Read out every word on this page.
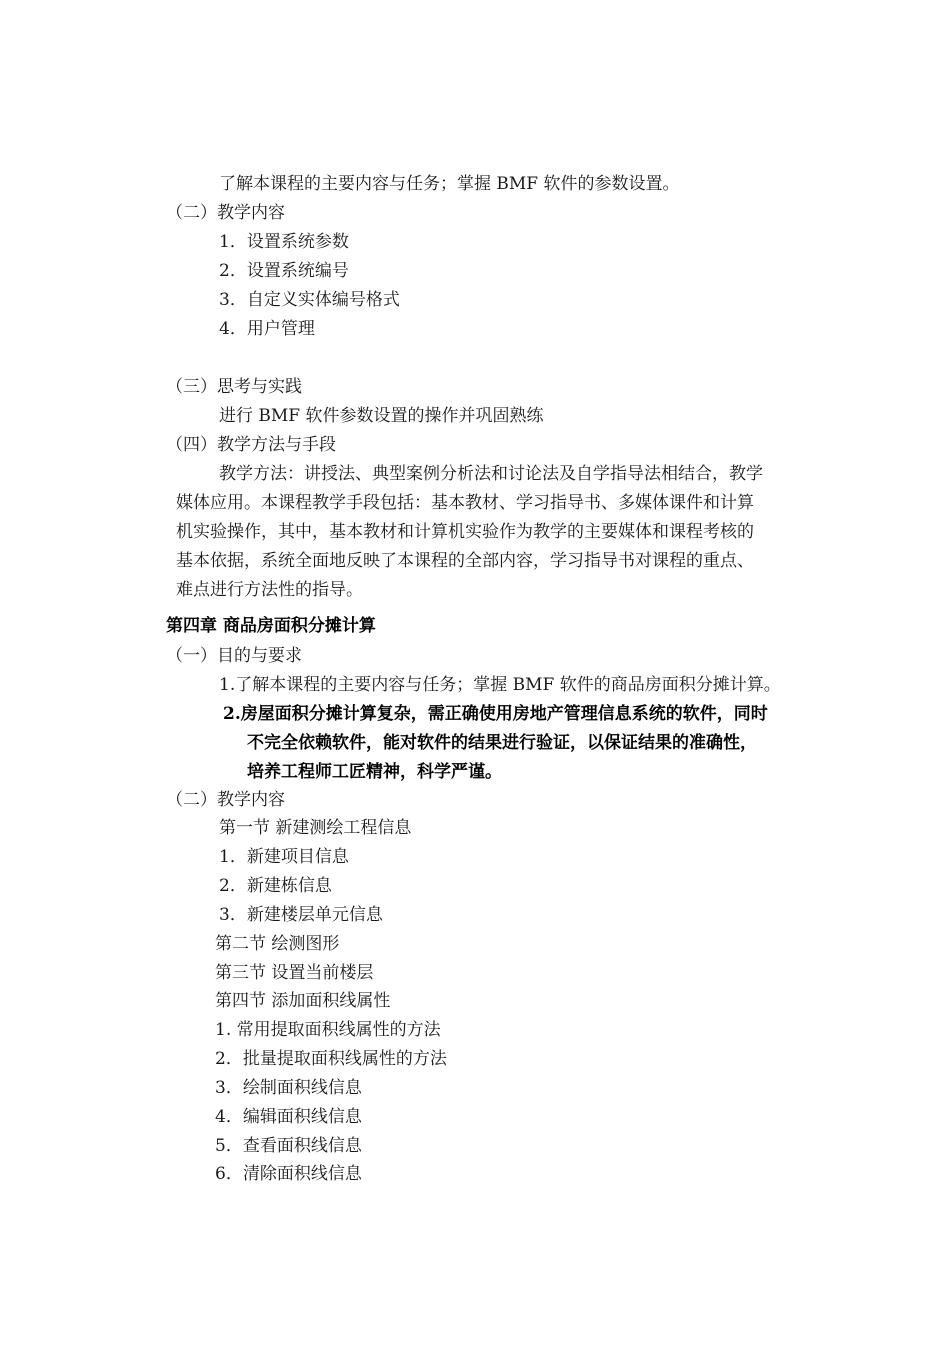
了解本课程的主要内容与任务；掌握 BMF 软件的参数设置。
（二）教学内容
1．设置系统参数
2．设置系统编号
3．自定义实体编号格式
4．用户管理
（三）思考与实践
进行 BMF 软件参数设置的操作并巩固熟练
（四）教学方法与手段
教学方法：讲授法、典型案例分析法和讨论法及自学指导法相结合，教学
媒体应用。本课程教学手段包括：基本教材、学习指导书、多媒体课件和计算
机实验操作，其中，基本教材和计算机实验作为教学的主要媒体和课程考核的
基本依据，系统全面地反映了本课程的全部内容，学习指导书对课程的重点、
难点进行方法性的指导。
第四章 商品房面积分摊计算
（一）目的与要求
1.了解本课程的主要内容与任务；掌握 BMF 软件的商品房面积分摊计算。
2.房屋面积分摊计算复杂，需正确使用房地产管理信息系统的软件，同时
不完全依赖软件，能对软件的结果进行验证，以保证结果的准确性，
培养工程师工匠精神，科学严谨。
（二）教学内容
第一节 新建测绘工程信息
1．新建项目信息
2．新建栋信息
3．新建楼层单元信息
第二节 绘测图形
第三节 设置当前楼层
第四节 添加面积线属性
1. 常用提取面积线属性的方法
2．批量提取面积线属性的方法
3．绘制面积线信息
4．编辑面积线信息
5．查看面积线信息
6．清除面积线信息
